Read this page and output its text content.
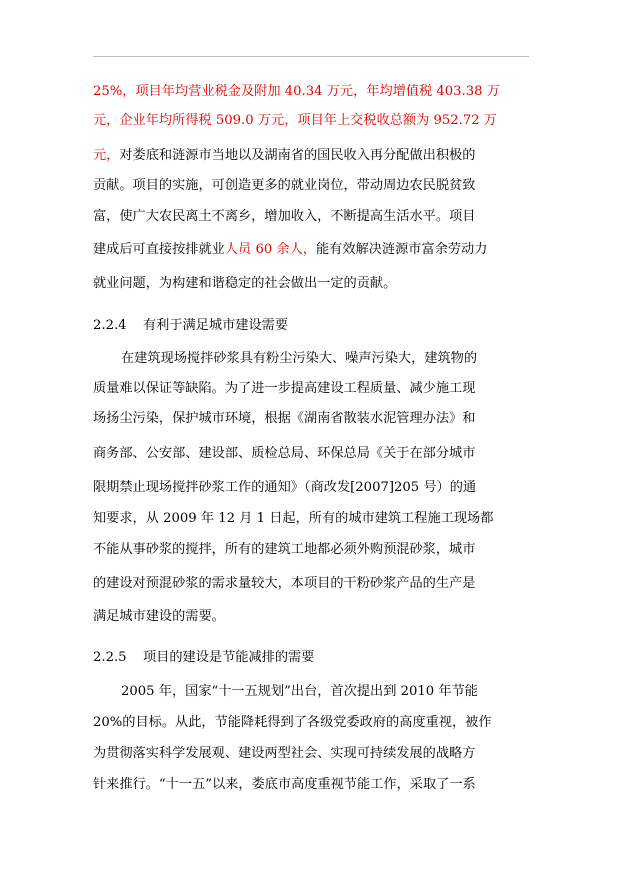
25%，项目年均营业税金及附加 40.34 万元，年均增值税 403.38 万
元，企业年均所得税 509.0 万元，项目年上交税收总额为 952.72 万
元，对娄底和涟源市当地以及湖南省的国民收入再分配做出积极的
贡献。项目的实施，可创造更多的就业岗位，带动周边农民脱贫致
富，使广大农民离土不离乡，增加收入，不断提高生活水平。项目
建成后可直接按排就业人员 60 余人，能有效解决涟源市富余劳动力
就业问题，为构建和谐稳定的社会做出一定的贡献。
2.2.4 有利于满足城市建设需要
在建筑现场搅拌砂浆具有粉尘污染大、噪声污染大，建筑物的
质量难以保证等缺陷。为了进一步提高建设工程质量、减少施工现
场扬尘污染，保护城市环境，根据《湖南省散装水泥管理办法》和
商务部、公安部、建设部、质检总局、环保总局《关于在部分城市
限期禁止现场搅拌砂浆工作的通知》（商改发[2007]205 号）的通
知要求，从 2009 年 12 月 1 日起，所有的城市建筑工程施工现场都
不能从事砂浆的搅拌，所有的建筑工地都必须外购预混砂浆，城市
的建设对预混砂浆的需求量较大，本项目的干粉砂浆产品的生产是
满足城市建设的需要。
2.2.5 项目的建设是节能减排的需要
2005 年，国家“十一五规划”出台，首次提出到 2010 年节能
20%的目标。从此，节能降耗得到了各级党委政府的高度重视，被作
为贯彻落实科学发展观、建设两型社会、实现可持续发展的战略方
针来推行。“十一五”以来，娄底市高度重视节能工作，采取了一系
